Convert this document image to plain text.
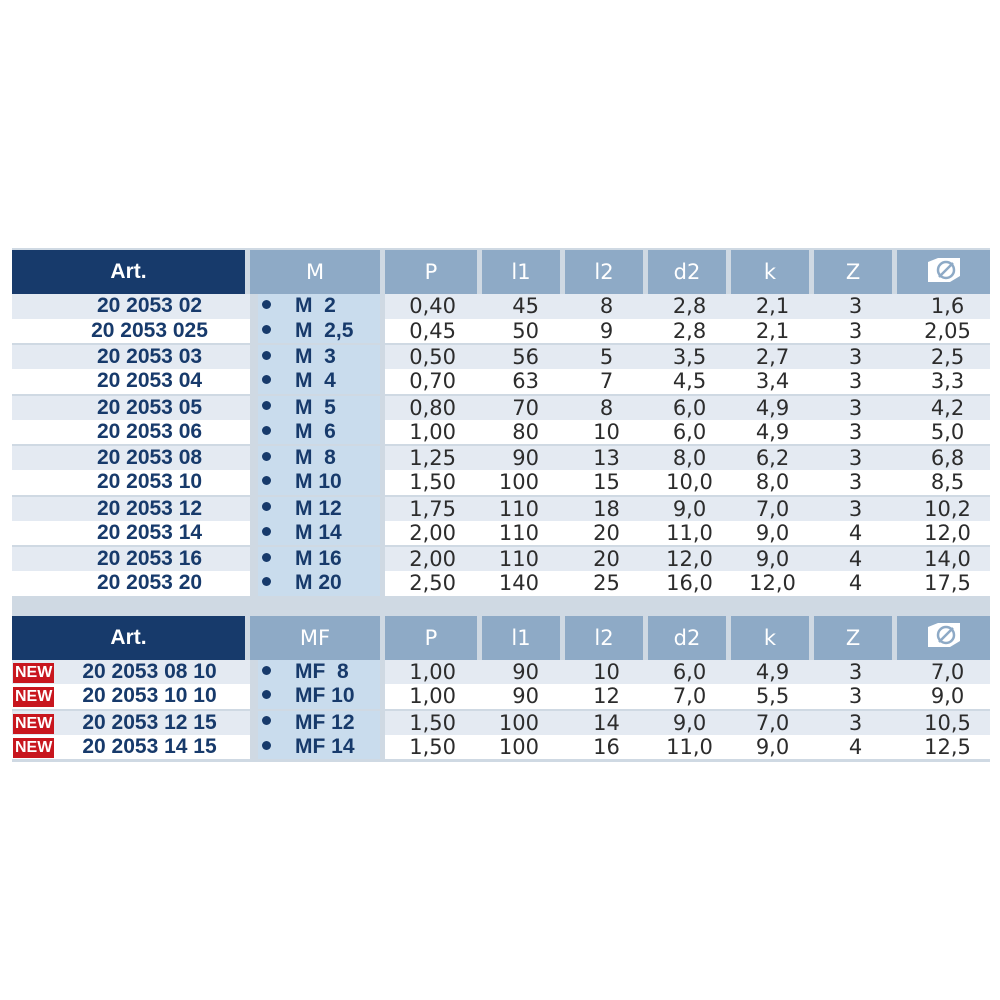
Art.		M	P	l1	l2	d2	k	Z	
	20 2053 02	M  2	0,40	45	8	2,8	2,1	3	1,6
	20 2053 025	M  2,5	0,45	50	9	2,8	2,1	3	2,05
	20 2053 03	M  3	0,50	56	5	3,5	2,7	3	2,5
	20 2053 04	M  4	0,70	63	7	4,5	3,4	3	3,3
	20 2053 05	M  5	0,80	70	8	6,0	4,9	3	4,2
	20 2053 06	M  6	1,00	80	10	6,0	4,9	3	5,0
	20 2053 08	M  8	1,25	90	13	8,0	6,2	3	6,8
	20 2053 10	M 10	1,50	100	15	10,0	8,0	3	8,5
	20 2053 12	M 12	1,75	110	18	9,0	7,0	3	10,2
	20 2053 14	M 14	2,00	110	20	11,0	9,0	4	12,0
	20 2053 16	M 16	2,00	110	20	12,0	9,0	4	14,0
	20 2053 20	M 20	2,50	140	25	16,0	12,0	4	17,5
Art.		MF	P	l1	l2	d2	k	Z	
NEW	20 2053 08 10	MF  8	1,00	90	10	6,0	4,9	3	7,0
NEW	20 2053 10 10	MF 10	1,00	90	12	7,0	5,5	3	9,0
NEW	20 2053 12 15	MF 12	1,50	100	14	9,0	7,0	3	10,5
NEW	20 2053 14 15	MF 14	1,50	100	16	11,0	9,0	4	12,5
